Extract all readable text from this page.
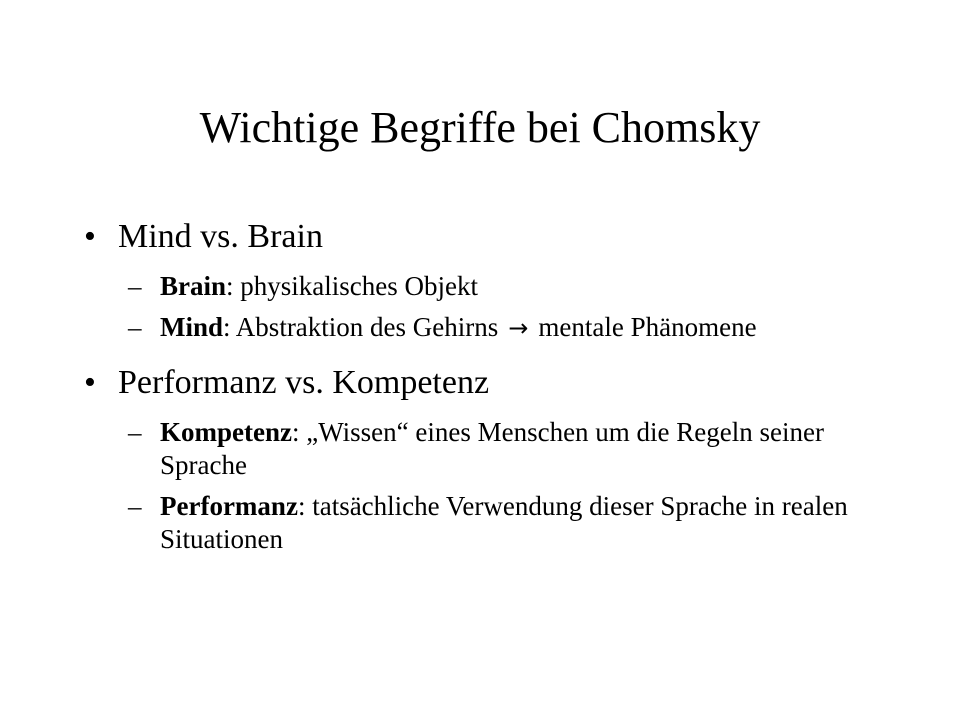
Wichtige Begriffe bei Chomsky
• Mind vs. Brain
– Brain: physikalisches Objekt
– Mind: Abstraktion des Gehirns → mentale Phänomene
• Performanz vs. Kompetenz
– Kompetenz: „Wissen“ eines Menschen um die Regeln seiner Sprache
– Performanz: tatsächliche Verwendung dieser Sprache in realen Situationen
